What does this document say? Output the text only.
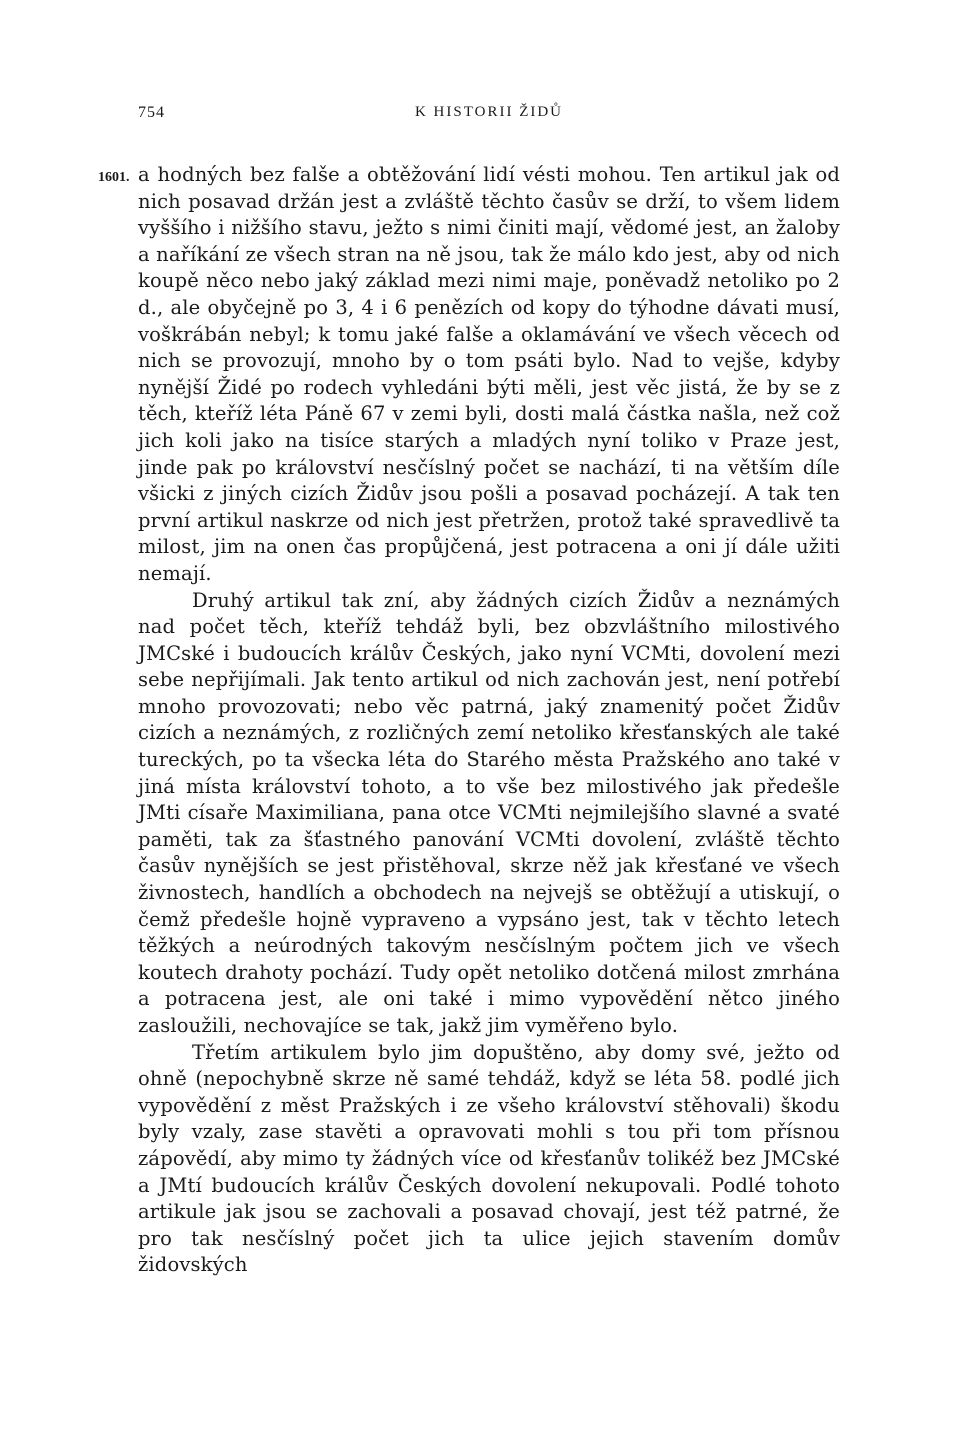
754	K HISTORII ŽIDŮ
1601. a hodných bez falše a obtěžování lidí vésti mohou. Ten artikul jak od nich posavad držán jest a zvláště těchto časův se drží, to všem lidem vyššího i nižšího stavu, ježto s nimi činiti mají, vědomé jest, an žaloby a naříkání ze všech stran na ně jsou, tak že málo kdo jest, aby od nich koupě něco nebo jaký základ mezi nimi maje, poněvadž netoliko po 2 d., ale obyčejně po 3, 4 i 6 penězích od kopy do týhodne dávati musí, voškrábán nebyl; k tomu jaké falše a oklamávání ve všech věcech od nich se provozují, mnoho by o tom psáti bylo. Nad to vejše, kdyby nynější Židé po rodech vyhledáni býti měli, jest věc jistá, že by se z těch, kteříž léta Páně 67 v zemi byli, dosti malá částka našla, než což jich koli jako na tisíce starých a mladých nyní toliko v Praze jest, jinde pak po království nesčíslný počet se nachází, ti na větším díle všicki z jiných cizích Židův jsou pošli a posavad pocházejí. A tak ten první artikul naskrze od nich jest přetržen, protož také spravedlivě ta milost, jim na onen čas propůjčená, jest potracena a oni jí dále užiti nemají.

Druhý artikul tak zní, aby žádných cizích Židův a neznámých nad počet těch, kteříž tehdáž byli, bez obzvláštního milostivého JMCské i budoucích králův Českých, jako nyní VCMti, dovolení mezi sebe nepřijímali. Jak tento artikul od nich zachován jest, není potřebí mnoho provozovati; nebo věc patrná, jaký znamenitý počet Židův cizích a neznámých, z rozličných zemí netoliko křesťanských ale také tureckých, po ta všecka léta do Starého města Pražského ano také v jiná místa království tohoto, a to vše bez milostivého jak předešle JMti císaře Maximiliana, pana otce VCMti nejmilejšího slavné a svaté paměti, tak za šťastného panování VCMti dovolení, zvláště těchto časův nynějších se jest přistěhoval, skrze něž jak křesťané ve všech živnostech, handlích a obchodech na nejvejš se obtěžují a utiskují, o čemž předešle hojně vypraveno a vypsáno jest, tak v těchto letech těžkých a neúrodných takovým nesčíslným počtem jich ve všech koutech drahoty pochází. Tudy opět netoliko dotčená milost zmrhána a potracena jest, ale oni také i mimo vypovědění nětco jiného zasloužili, nechovajíce se tak, jakž jim vyměřeno bylo.

Třetím artikulem bylo jim dopuštěno, aby domy své, ježto od ohně (nepochybně skrze ně samé tehdáž, když se léta 58. podlé jich vypovědění z měst Pražských i ze všeho království stěhovali) škodu byly vzaly, zase stavěti a opravovati mohli s tou při tom přísnou zápovědí, aby mimo ty žádných více od křesťanův tolikéž bez JMCské a JMtí budoucích králův Českých dovolení nekupovali. Podlé tohoto artikule jak jsou se zachovali a posavad chovají, jest též patrné, že pro tak nesčíslný počet jich ta ulice jejich stavením domův židovských
